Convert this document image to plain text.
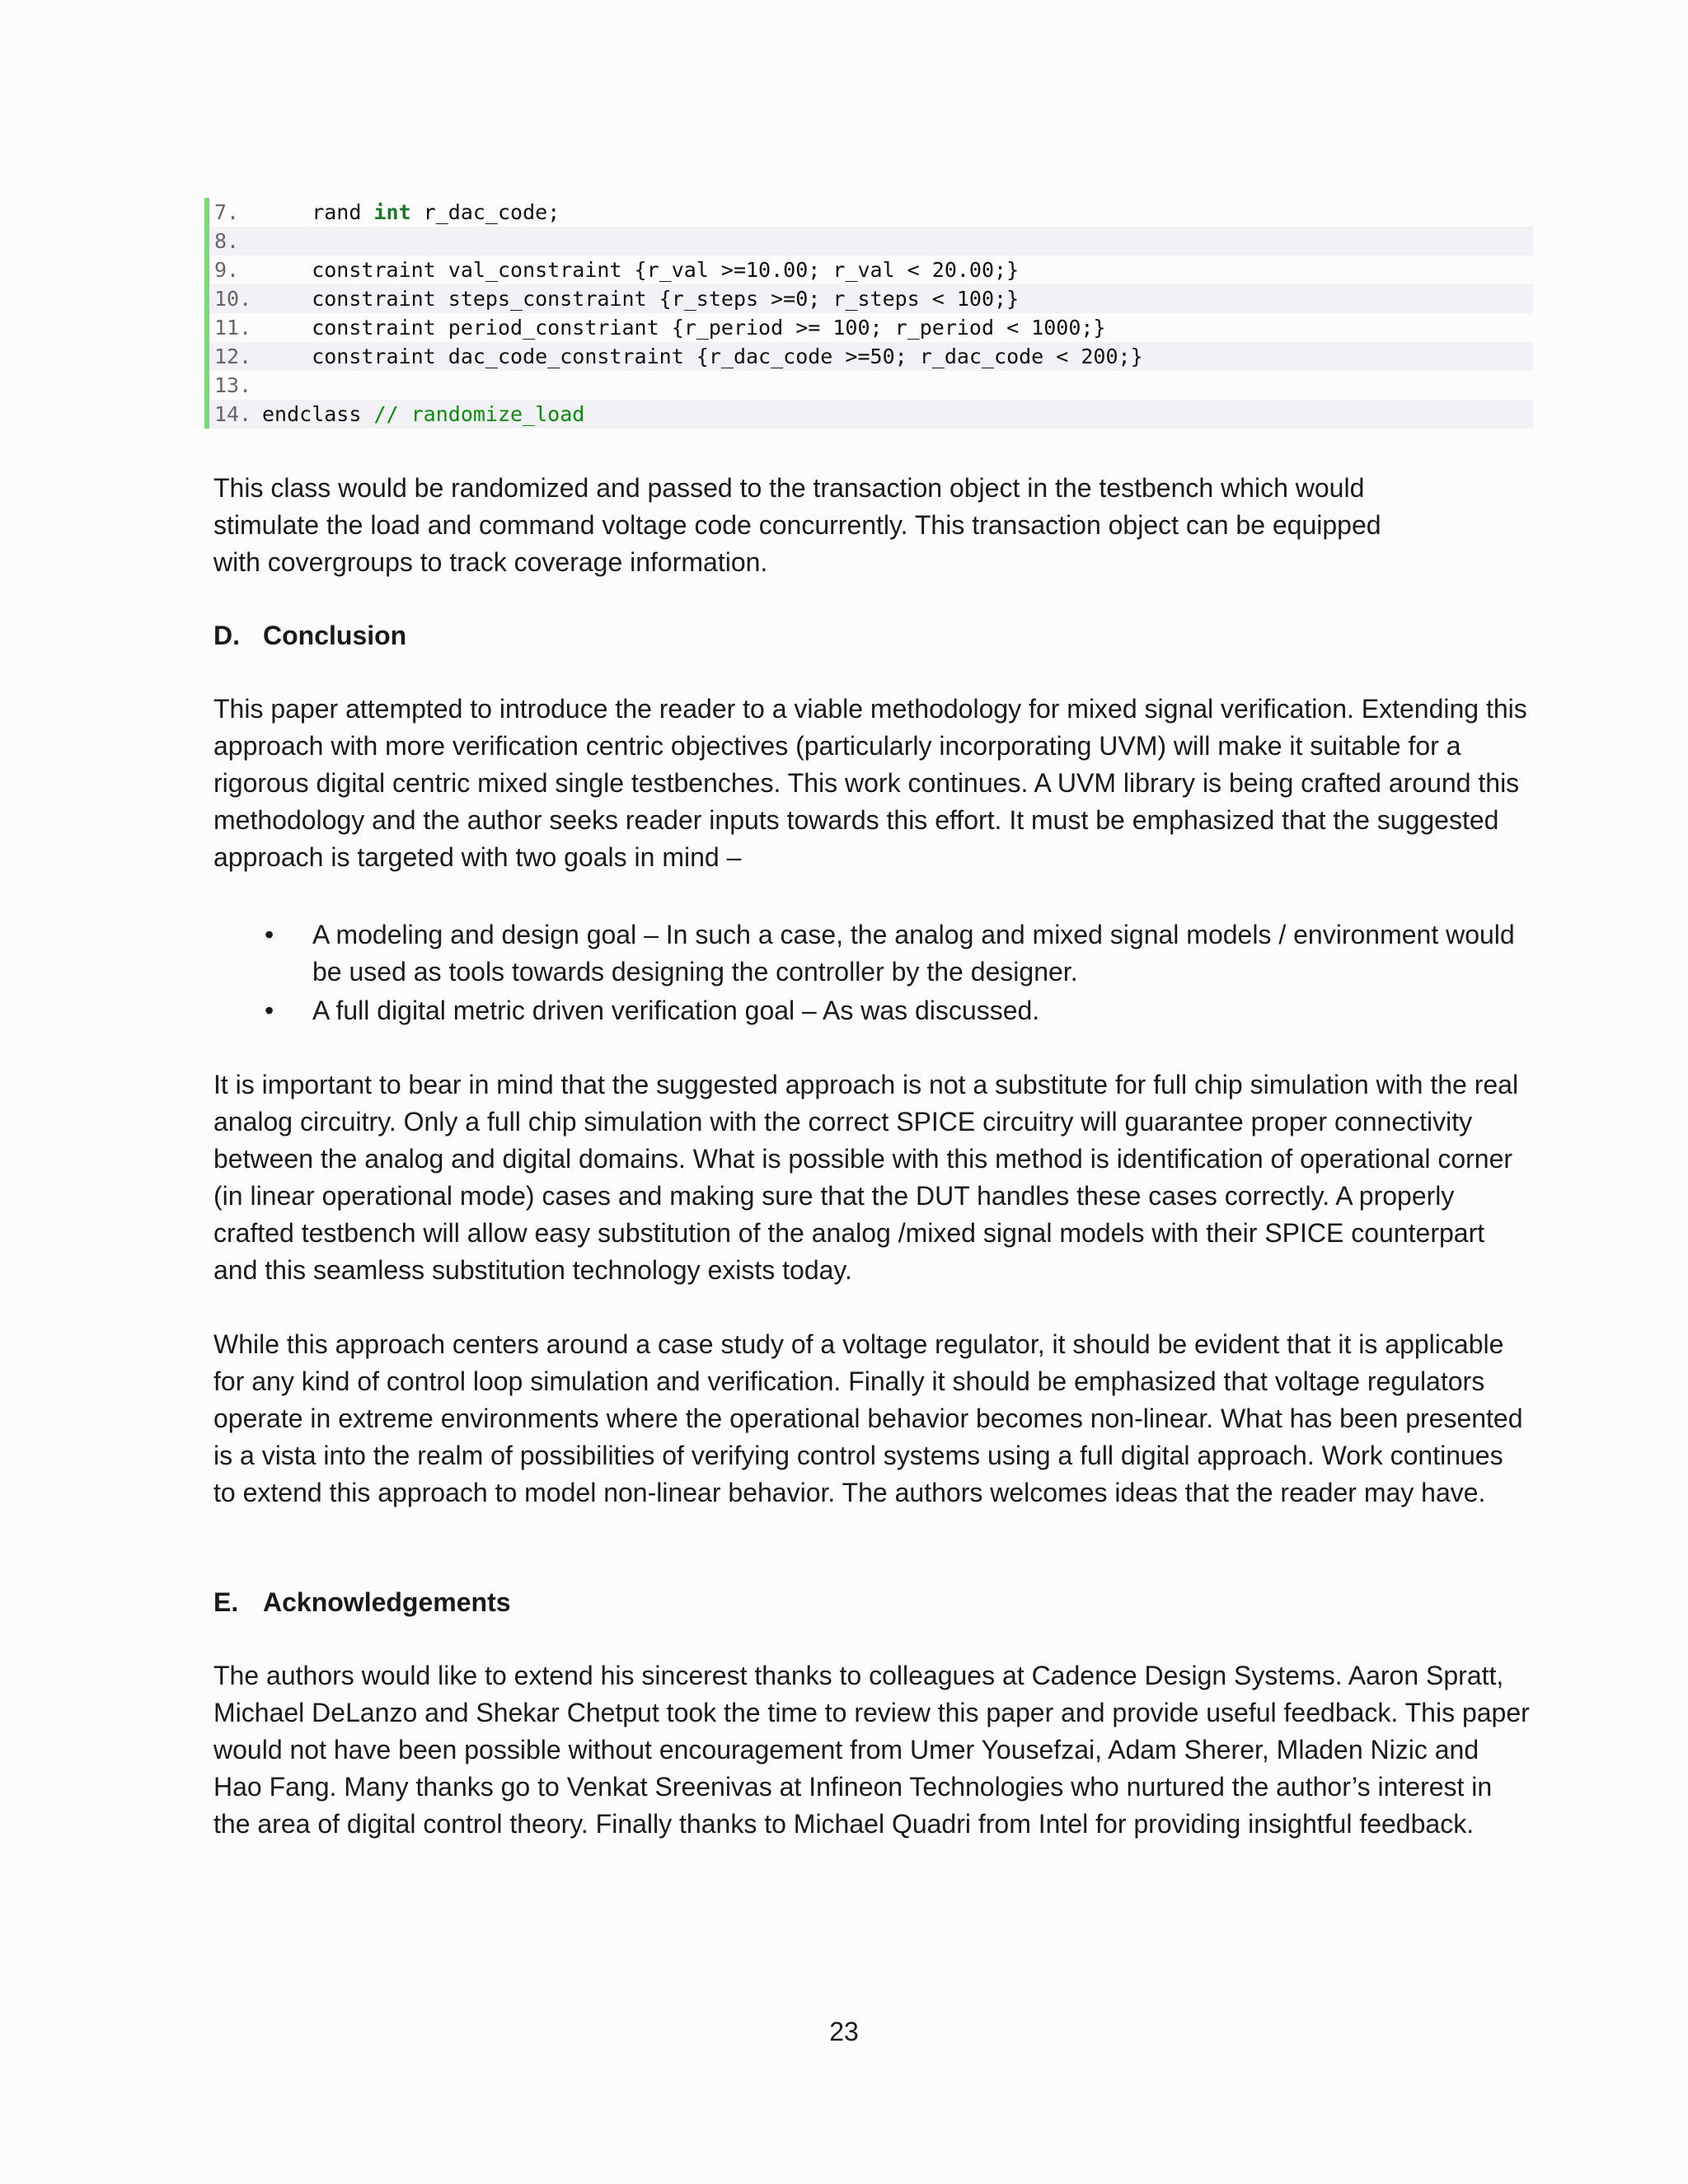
7.	rand int r_dac_code;
8.
9.	constraint val_constraint {r_val >=10.00; r_val < 20.00;}
10. constraint steps_constraint {r_steps >=0; r_steps < 100;}
11. constraint period_constriant {r_period >= 100; r_period < 1000;}
12. constraint dac_code_constraint {r_dac_code >=50; r_dac_code < 200;}
13.
14. endclass // randomize_load

This class would be randomized and passed to the transaction object in the testbench which would stimulate the load and command voltage code concurrently. This transaction object can be equipped with covergroups to track coverage information.

D. Conclusion

This paper attempted to introduce the reader to a viable methodology for mixed signal verification. Extending this approach with more verification centric objectives (particularly incorporating UVM) will make it suitable for a rigorous digital centric mixed single testbenches. This work continues. A UVM library is being crafted around this methodology and the author seeks reader inputs towards this effort. It must be emphasized that the suggested approach is targeted with two goals in mind –

• A modeling and design goal – In such a case, the analog and mixed signal models / environment would be used as tools towards designing the controller by the designer.
• A full digital metric driven verification goal – As was discussed.

It is important to bear in mind that the suggested approach is not a substitute for full chip simulation with the real analog circuitry. Only a full chip simulation with the correct SPICE circuitry will guarantee proper connectivity between the analog and digital domains. What is possible with this method is identification of operational corner (in linear operational mode) cases and making sure that the DUT handles these cases correctly. A properly crafted testbench will allow easy substitution of the analog /mixed signal models with their SPICE counterpart and this seamless substitution technology exists today.

While this approach centers around a case study of a voltage regulator, it should be evident that it is applicable for any kind of control loop simulation and verification. Finally it should be emphasized that voltage regulators operate in extreme environments where the operational behavior becomes non-linear. What has been presented is a vista into the realm of possibilities of verifying control systems using a full digital approach. Work continues to extend this approach to model non-linear behavior. The authors welcomes ideas that the reader may have.

E. Acknowledgements

The authors would like to extend his sincerest thanks to colleagues at Cadence Design Systems. Aaron Spratt, Michael DeLanzo and Shekar Chetput took the time to review this paper and provide useful feedback. This paper would not have been possible without encouragement from Umer Yousefzai, Adam Sherer, Mladen Nizic and Hao Fang. Many thanks go to Venkat Sreenivas at Infineon Technologies who nurtured the author’s interest in the area of digital control theory. Finally thanks to Michael Quadri from Intel for providing insightful feedback.

23
